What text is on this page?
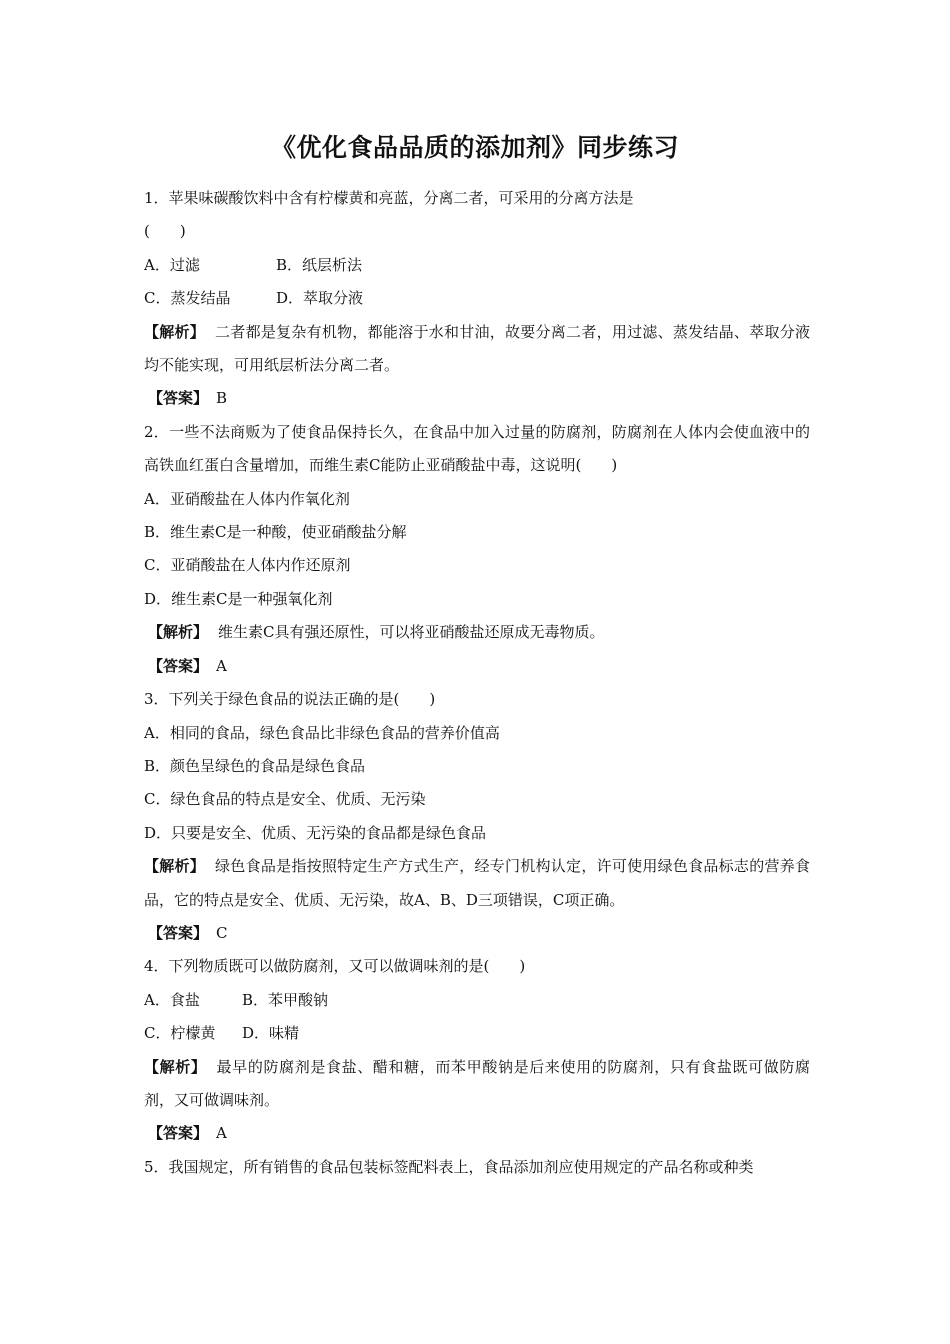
《优化食品品质的添加剂》同步练习
1．苹果味碳酸饮料中含有柠檬黄和亮蓝，分离二者，可采用的分离方法是
(　　)
A．过滤	B．纸层析法
C．蒸发结晶	D．萃取分液
【解析】 二者都是复杂有机物，都能溶于水和甘油，故要分离二者，用过滤、蒸发结晶、萃取分液均不能实现，可用纸层析法分离二者。
【答案】 B
2．一些不法商贩为了使食品保持长久，在食品中加入过量的防腐剂，防腐剂在人体内会使血液中的高铁血红蛋白含量增加，而维生素C能防止亚硝酸盐中毒，这说明(　　)
A．亚硝酸盐在人体内作氧化剂
B．维生素C是一种酸，使亚硝酸盐分解
C．亚硝酸盐在人体内作还原剂
D．维生素C是一种强氧化剂
【解析】 维生素C具有强还原性，可以将亚硝酸盐还原成无毒物质。
【答案】 A
3．下列关于绿色食品的说法正确的是(　　)
A．相同的食品，绿色食品比非绿色食品的营养价值高
B．颜色呈绿色的食品是绿色食品
C．绿色食品的特点是安全、优质、无污染
D．只要是安全、优质、无污染的食品都是绿色食品
【解析】 绿色食品是指按照特定生产方式生产，经专门机构认定，许可使用绿色食品标志的营养食品，它的特点是安全、优质、无污染，故A、B、D三项错误，C项正确。
【答案】 C
4．下列物质既可以做防腐剂，又可以做调味剂的是(　　)
A．食盐	B．苯甲酸钠
C．柠檬黄 D．味精
【解析】 最早的防腐剂是食盐、醋和糖，而苯甲酸钠是后来使用的防腐剂，只有食盐既可做防腐剂，又可做调味剂。
【答案】 A
5．我国规定，所有销售的食品包装标签配料表上，食品添加剂应使用规定的产品名称或种类
